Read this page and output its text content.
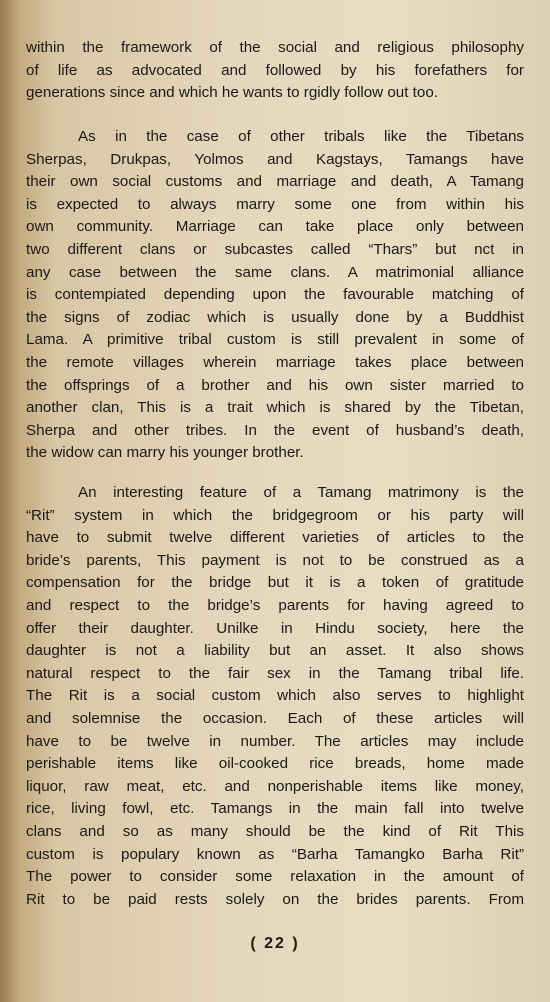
within the framework of the social and religious philosophy
of life as advocated and followed by his forefathers for
generations since and which he wants to rgidly follow out too.
As in the case of other tribals like the Tibetans
Sherpas, Drukpas, Yolmos and Kagstays, Tamangs have
their own social customs and marriage and death, A Tamang
is expected to always marry some one from within his
own community. Marriage can take place only between
two different clans or subcastes called “Thars” but nct in
any case between the same clans. A matrimonial alliance
is contempiated depending upon the favourable matching of
the signs of zodiac which is usually done by a Buddhist
Lama. A primitive tribal custom is still prevalent in some of
the remote villages wherein marriage takes place between
the offsprings of a brother and his own sister married to
another clan, This is a trait which is shared by the Tibetan,
Sherpa and other tribes. In the event of husband’s death,
the widow can marry his younger brother.
An interesting feature of a Tamang matrimony is the
“Rit” system in which the bridgegroom or his party will
have to submit twelve different varieties of articles to the
bride’s parents, This payment is not to be construed as a
compensation for the bridge but it is a token of gratitude
and respect to the bridge’s parents for having agreed to
offer their daughter. Unilke in Hindu society, here the
daughter is not a liability but an asset. It also shows
natural respect to the fair sex in the Tamang tribal life.
The Rit is a social custom which also serves to highlight
and solemnise the occasion. Each of these articles will
have to be twelve in number. The articles may include
perishable items like oil-cooked rice breads, home made
liquor, raw meat, etc. and nonperishable items like money,
rice, living fowl, etc. Tamangs in the main fall into twelve
clans and so as many should be the kind of Rit This
custom is populary known as “Barha Tamangko Barha Rit”
The power to consider some relaxation in the amount of
Rit to be paid rests solely on the brides parents. From
( 22 )
